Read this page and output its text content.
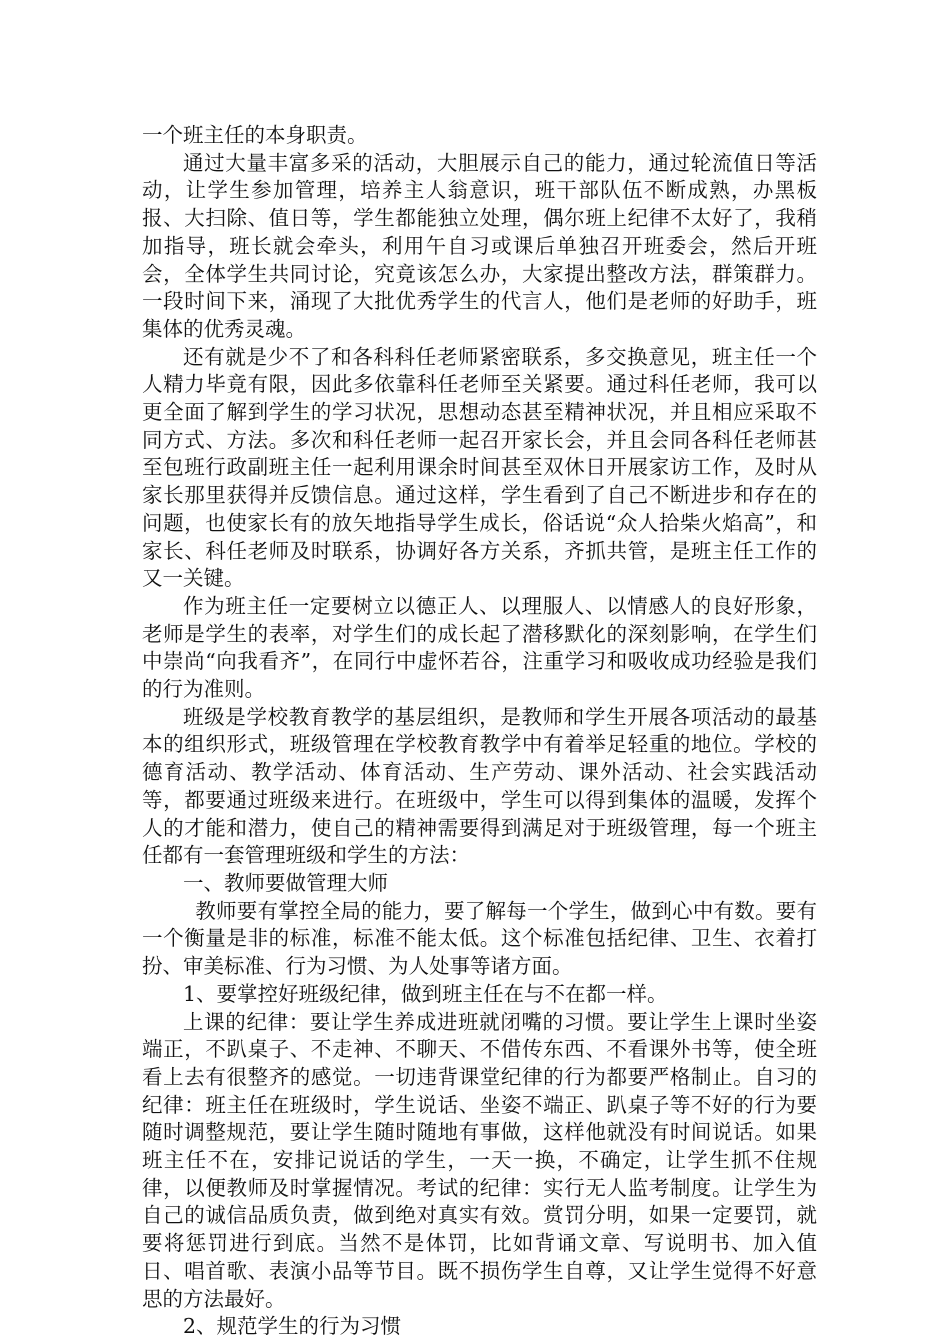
一个班主任的本身职责。

通过大量丰富多采的活动，大胆展示自己的能力，通过轮流值日等活动，让学生参加管理，培养主人翁意识，班干部队伍不断成熟，办黑板报、大扫除、值日等，学生都能独立处理，偶尔班上纪律不太好了，我稍加指导，班长就会牵头，利用午自习或课后单独召开班委会，然后开班会，全体学生共同讨论，究竟该怎么办，大家提出整改方法，群策群力。一段时间下来，涌现了大批优秀学生的代言人，他们是老师的好助手，班集体的优秀灵魂。

还有就是少不了和各科科任老师紧密联系，多交换意见，班主任一个人精力毕竟有限，因此多依靠科任老师至关紧要。通过科任老师，我可以更全面了解到学生的学习状况，思想动态甚至精神状况，并且相应采取不同方式、方法。多次和科任老师一起召开家长会，并且会同各科任老师甚至包班行政副班主任一起利用课余时间甚至双休日开展家访工作，及时从家长那里获得并反馈信息。通过这样，学生看到了自己不断进步和存在的问题，也使家长有的放矢地指导学生成长，俗话说“众人拾柴火焰高”，和家长、科任老师及时联系，协调好各方关系，齐抓共管，是班主任工作的又一关键。

作为班主任一定要树立以德正人、以理服人、以情感人的良好形象，老师是学生的表率，对学生们的成长起了潜移默化的深刻影响，在学生们中崇尚“向我看齐”，在同行中虚怀若谷，注重学习和吸收成功经验是我们的行为准则。

班级是学校教育教学的基层组织，是教师和学生开展各项活动的最基本的组织形式，班级管理在学校教育教学中有着举足轻重的地位。学校的德育活动、教学活动、体育活动、生产劳动、课外活动、社会实践活动等，都要通过班级来进行。在班级中，学生可以得到集体的温暖，发挥个人的才能和潜力，使自己的精神需要得到满足对于班级管理，每一个班主任都有一套管理班级和学生的方法：

一、教师要做管理大师

教师要有掌控全局的能力，要了解每一个学生，做到心中有数。要有一个衡量是非的标准，标准不能太低。这个标准包括纪律、卫生、衣着打扮、审美标准、行为习惯、为人处事等诸方面。

1、要掌控好班级纪律，做到班主任在与不在都一样。

上课的纪律：要让学生养成进班就闭嘴的习惯。要让学生上课时坐姿端正，不趴桌子、不走神、不聊天、不借传东西、不看课外书等，使全班看上去有很整齐的感觉。一切违背课堂纪律的行为都要严格制止。自习的纪律：班主任在班级时，学生说话、坐姿不端正、趴桌子等不好的行为要随时调整规范，要让学生随时随地有事做，这样他就没有时间说话。如果班主任不在，安排记说话的学生，一天一换，不确定，让学生抓不住规律，以便教师及时掌握情况。考试的纪律：实行无人监考制度。让学生为自己的诚信品质负责，做到绝对真实有效。赏罚分明，如果一定要罚，就要将惩罚进行到底。当然不是体罚，比如背诵文章、写说明书、加入值日、唱首歌、表演小品等节目。既不损伤学生自尊，又让学生觉得不好意思的方法最好。

2、规范学生的行为习惯
